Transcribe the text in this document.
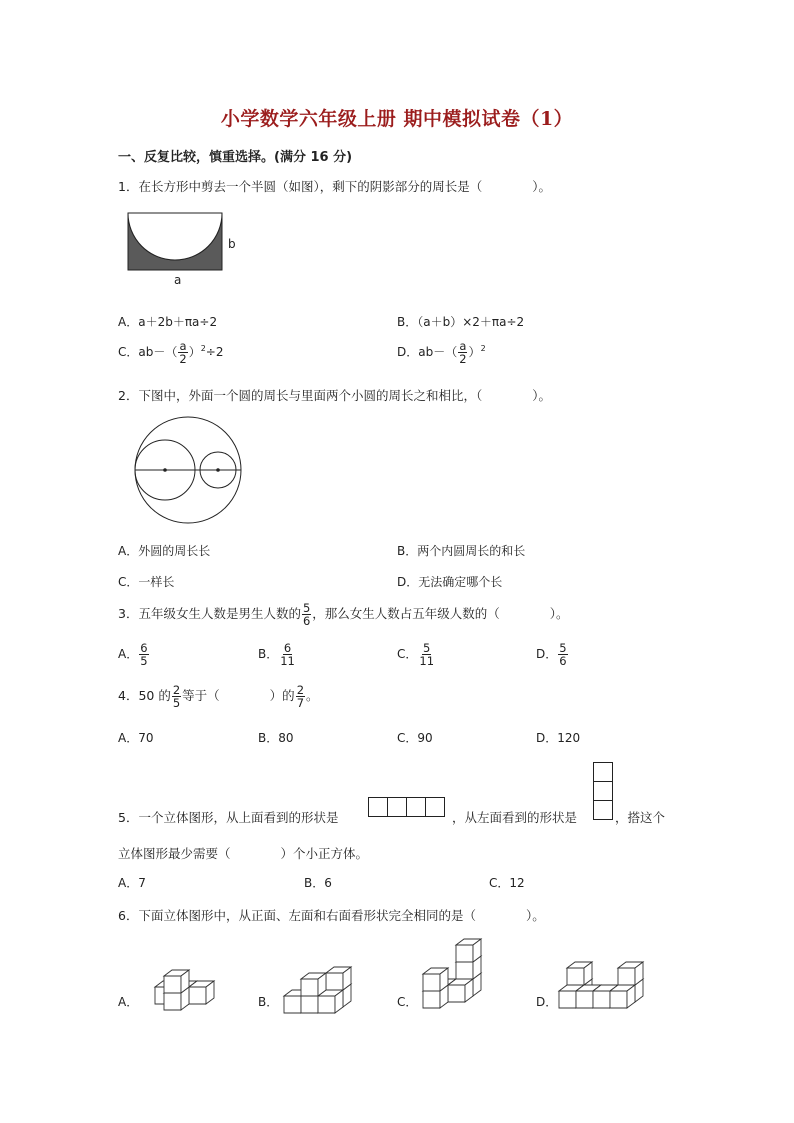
小学数学六年级上册 期中模拟试卷（1）
一、反复比较，慎重选择。(满分 16 分)
1．在长方形中剪去一个半圆（如图），剩下的阴影部分的周长是（　　　　）。
b
a
A．a＋2b＋πa÷2	B．（a＋b）×2＋πa÷2
C．$ab-( \frac{a}{2} )^2\div 2$	D．$ab-( \frac{a}{2} )^2$
2．下图中，外面一个圆的周长与里面两个小圆的周长之和相比，（　　　　）。
A．外圆的周长长	B．两个内圆周长的和长
C．一样长	D．无法确定哪个长
3．五年级女生人数是男生人数的 $\frac{5}{6}$ ，那么女生人数占五年级人数的（　　　　）。
A． $\frac{6}{5}$	B． $\frac{6}{11}$	C． $\frac{5}{11}$	D． $\frac{5}{6}$
4．50 的 $\frac{2}{5}$ 等于（　　　　）的 $\frac{2}{7}$ 。
A．70	B．80	C．90	D．120
5．一个立体图形，从上面看到的形状是	，从左面看到的形状是	，搭这个
立体图形最少需要（　　　　）个小正方体。
A．7	B．6	C．12
6．下面立体图形中，从正面、左面和右面看形状完全相同的是（　　　　）。
A．	B．	C．	D．
